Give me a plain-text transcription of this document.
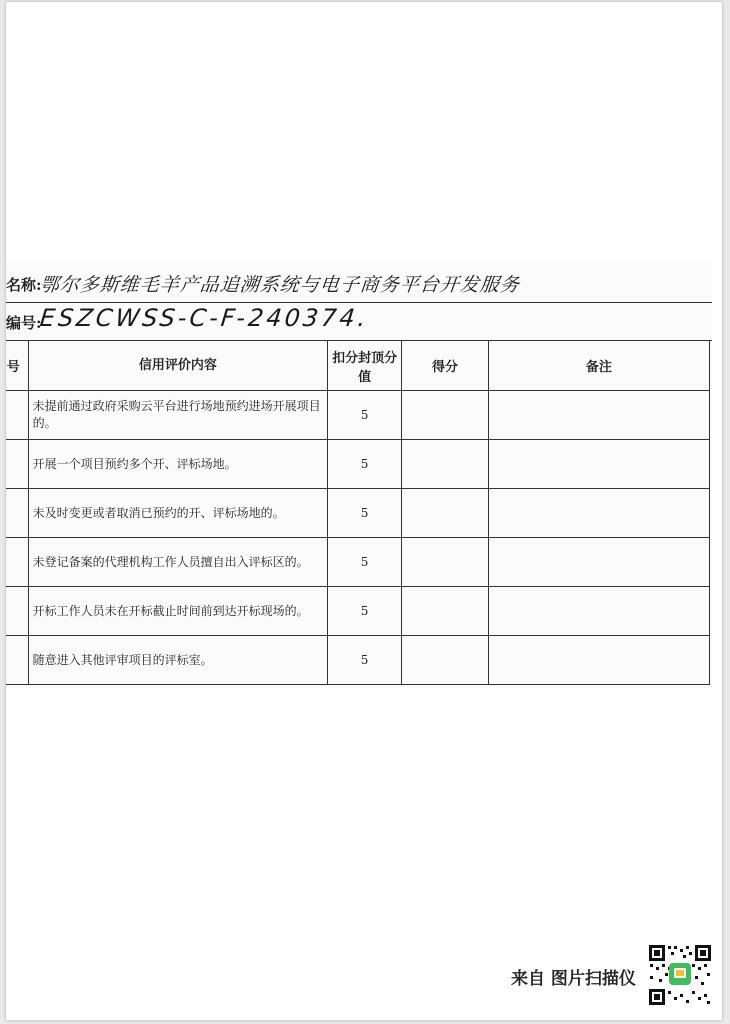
名称:
鄂尔多斯维毛羊产品追溯系统与电子商务平台开发服务
编号:
ESZCWSS-C-F-240374.
号	信用评价内容	扣分封顶分值	得分	备注
	未提前通过政府采购云平台进行场地预约进场开展项目的。	5		
	开展一个项目预约多个开、评标场地。	5		
	未及时变更或者取消已预约的开、评标场地的。	5		
	未登记备案的代理机构工作人员擅自出入评标区的。	5		
	开标工作人员未在开标截止时间前到达开标现场的。	5		
	随意进入其他评审项目的评标室。	5		
来自 图片扫描仪
